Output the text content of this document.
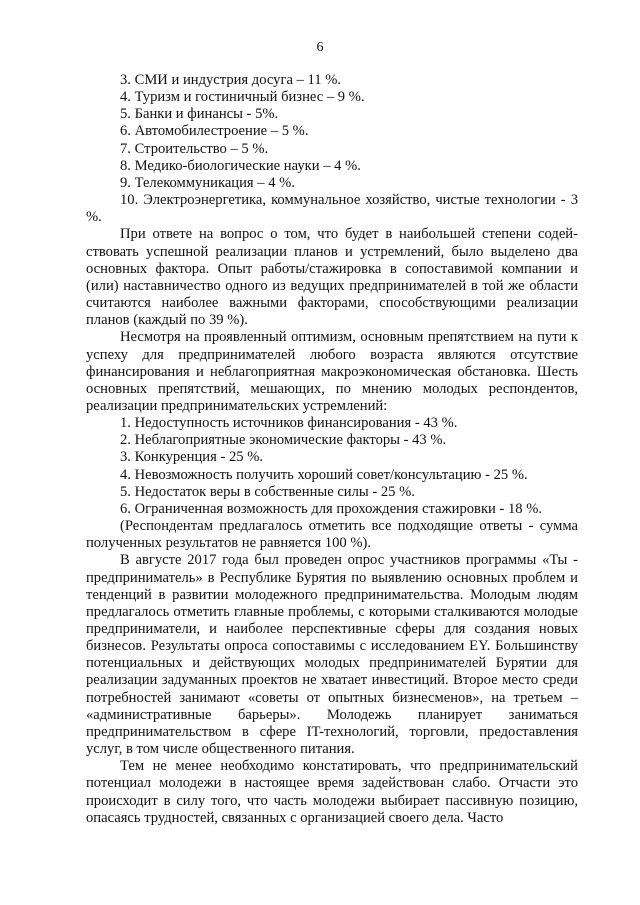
6
3. СМИ и индустрия досуга – 11 %.
4. Туризм и гостиничный бизнес – 9 %.
5. Банки и финансы - 5%.
6. Автомобилестроение – 5 %.
7. Строительство – 5 %.
8. Медико-биологические науки – 4 %.
9. Телекоммуникация – 4 %.
10. Электроэнергетика, коммунальное хозяйство, чистые технологии - 3 %.

При ответе на вопрос о том, что будет в наибольшей степени содействовать успешной реализации планов и устремлений, было выделено два основных фактора. Опыт работы/стажировка в сопоставимой компании и (или) наставничество одного из ведущих предпринимателей в той же области считаются наиболее важными факторами, способствующими реализации планов (каждый по 39 %).

Несмотря на проявленный оптимизм, основным препятствием на пути к успеху для предпринимателей любого возраста являются отсутствие финансирования и неблагоприятная макроэкономическая обстановка. Шесть основных препятствий, мешающих, по мнению молодых респондентов, реализации предпринимательских устремлений:

1. Недоступность источников финансирования - 43 %.
2. Неблагоприятные экономические факторы - 43 %.
3. Конкуренция - 25 %.
4. Невозможность получить хороший совет/консультацию - 25 %.
5. Недостаток веры в собственные силы - 25 %.
6. Ограниченная возможность для прохождения стажировки - 18 %.

(Респондентам предлагалось отметить все подходящие ответы - сумма полученных результатов не равняется 100 %).

В августе 2017 года был проведен опрос участников программы «Ты - предприниматель» в Республике Бурятия по выявлению основных проблем и тенденций в развитии молодежного предпринимательства. Молодым людям предлагалось отметить главные проблемы, с которыми сталкиваются молодые предприниматели, и наиболее перспективные сферы для создания новых бизнесов. Результаты опроса сопоставимы с исследованием EY. Большинству потенциальных и действующих молодых предпринимателей Бурятии для реализации задуманных проектов не хватает инвестиций. Второе место среди потребностей занимают «советы от опытных бизнесменов», на третьем – «административные барьеры». Молодежь планирует заниматься предпринимательством в сфере IT-технологий, торговли, предоставления услуг, в том числе общественного питания.

Тем не менее необходимо констатировать, что предпринимательский потенциал молодежи в настоящее время задействован слабо. Отчасти это происходит в силу того, что часть молодежи выбирает пассивную позицию, опасаясь трудностей, связанных с организацией своего дела. Часто
